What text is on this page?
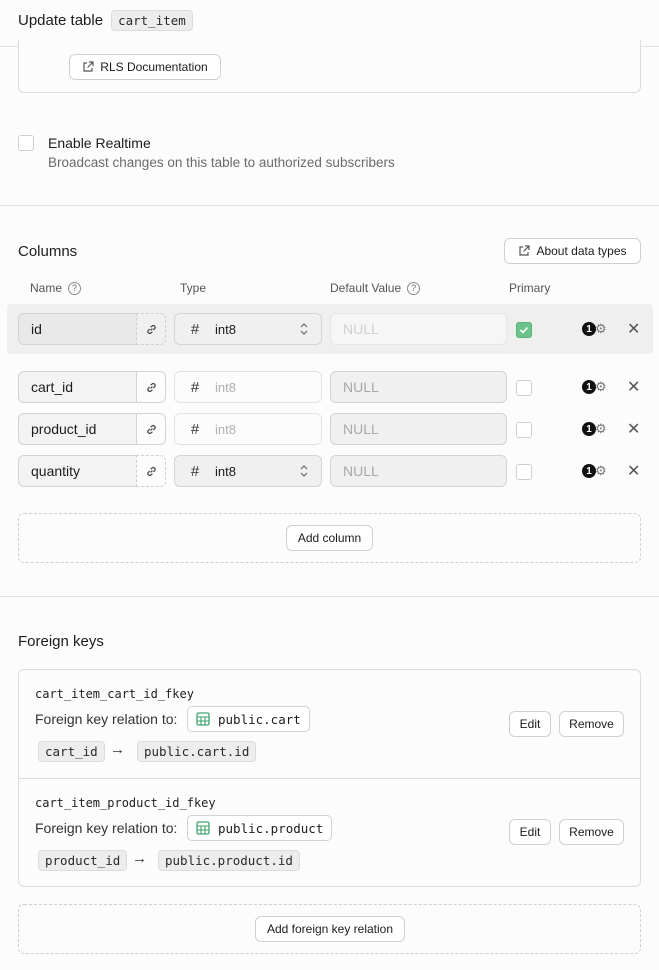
Update table	cart_item
RLS Documentation
Enable Realtime
Broadcast changes on this table to authorized subscribers
Columns	About data types
Name	?	Type	Default Value	?	Primary
id	#	int8	NULL	1 ⚙ ✕
cart_id	#	int8	NULL	1 ⚙ ✕
product_id	#	int8	NULL	1 ⚙ ✕
quantity	#	int8	NULL	1 ⚙ ✕
Add column
Foreign keys
cart_item_cart_id_fkey
Foreign key relation to:	public.cart
cart_id →	public.cart.id
Edit	Remove
cart_item_product_id_fkey
Foreign key relation to:	public.product
product_id →	public.product.id
Edit	Remove
Add foreign key relation
